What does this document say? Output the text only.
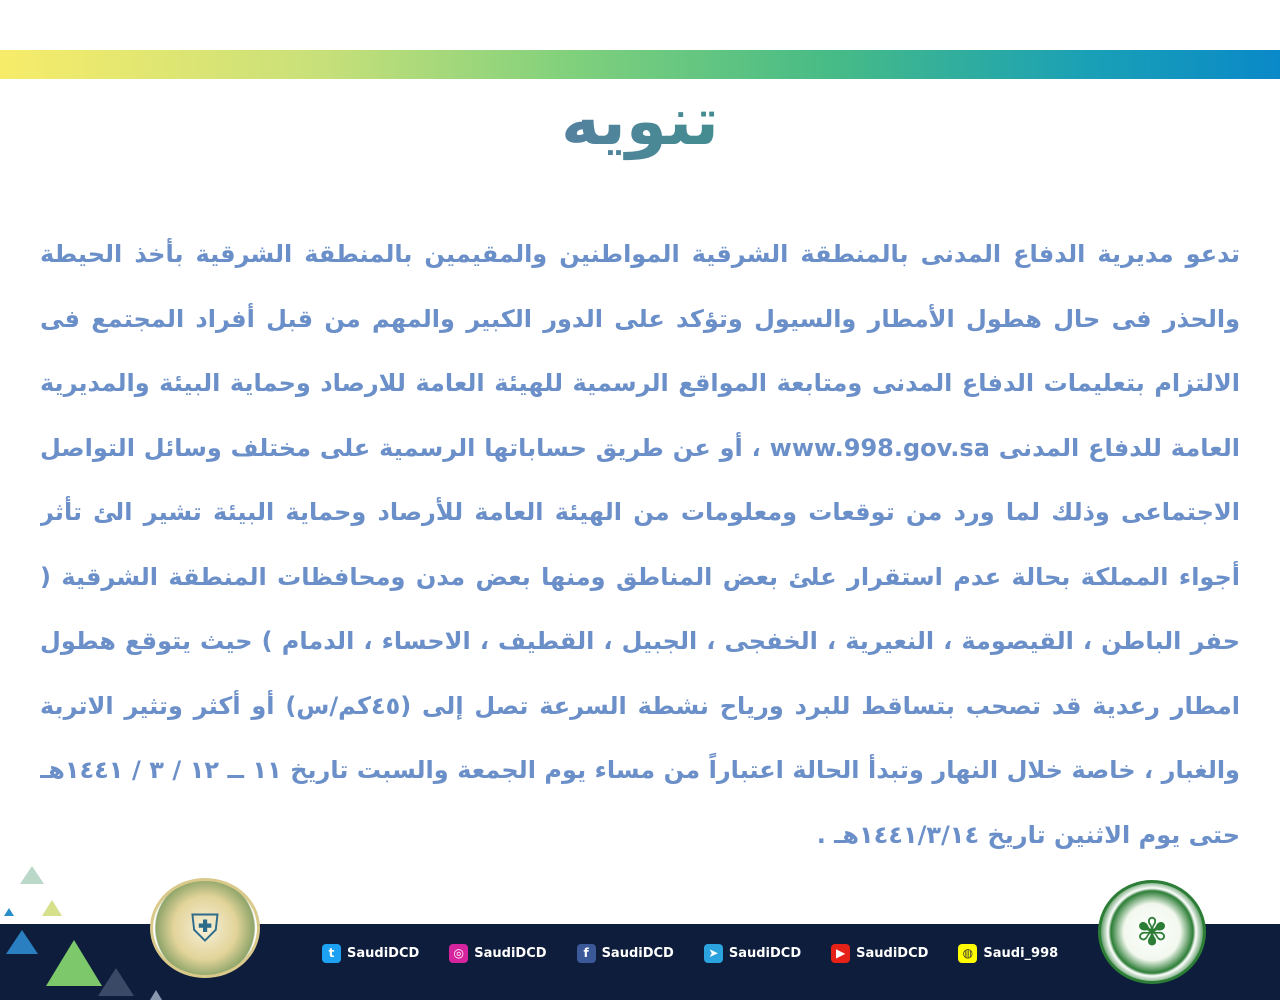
تنويه
تدعو مديرية الدفاع المدنى بالمنطقة الشرقية المواطنين والمقيمين بالمنطقة الشرقية بأخذ الحيطة
والحذر فى حال هطول الأمطار والسيول وتؤكد على الدور الكبير والمهم من قبل أفراد المجتمع فى
الالتزام بتعليمات الدفاع المدنى ومتابعة المواقع الرسمية للهيئة العامة للارصاد وحماية البيئة والمديرية
العامة للدفاع المدنى www.998.gov.sa ، أو عن طريق حساباتها الرسمية على مختلف وسائل التواصل
الاجتماعى وذلك لما ورد من توقعات ومعلومات من الهيئة العامة للأرصاد وحماية البيئة تشير الئ تأثر
أجواء المملكة بحالة عدم استقرار علئ بعض المناطق ومنها بعض مدن ومحافظات المنطقة الشرقية (
حفر الباطن ، القيصومة ، النعيرية ، الخفجى ، الجبيل ، القطيف ، الاحساء ، الدمام ) حيث يتوقع هطول
امطار رعدية قد تصحب بتساقط للبرد ورياح نشطة السرعة تصل إلى (٤٥كم/س) أو أكثر وتثير الاتربة
والغبار ، خاصة خلال النهار وتبدأ الحالة اعتباراً من مساء يوم الجمعة والسبت تاريخ ١١ ــ ١٢ / ٣ / ١٤٤١هـ
حتى يوم الاثنين تاريخ ١٤٤١/٣/١٤هـ .
⛨
t SaudiDCD	◎ SaudiDCD	f SaudiDCD	➤ SaudiDCD	▶ SaudiDCD	◍ Saudi_998 ✾
